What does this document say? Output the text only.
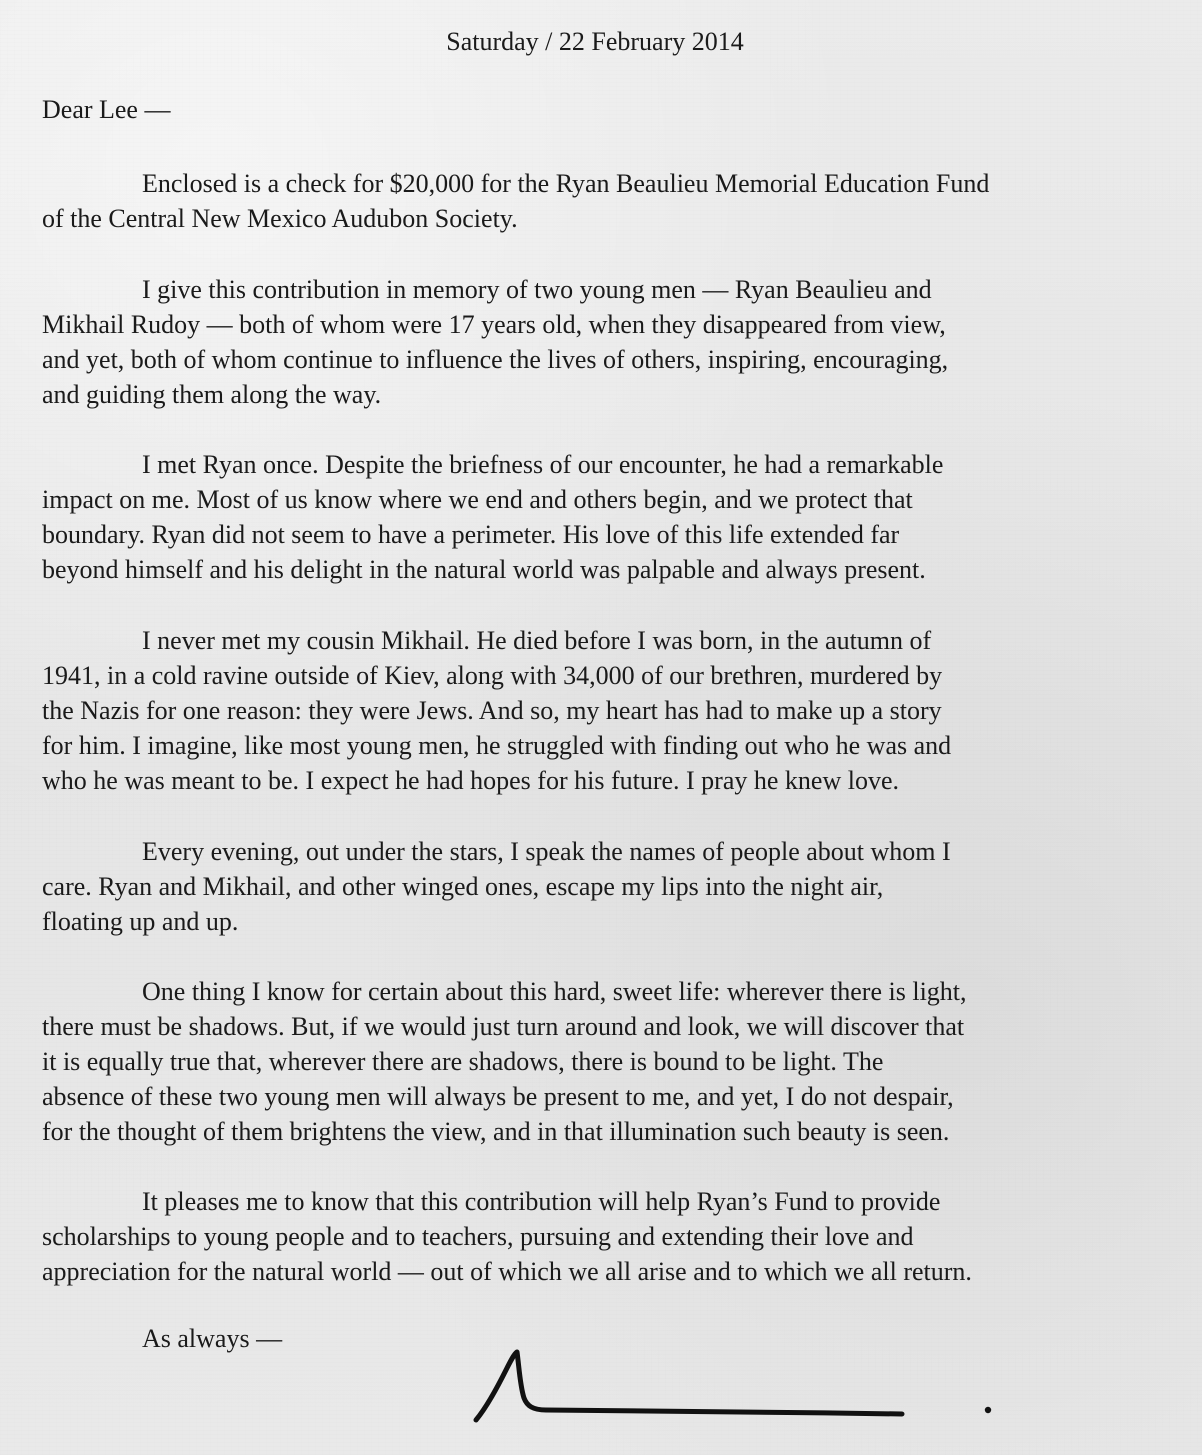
Saturday / 22 February 2014
Dear Lee —

Enclosed is a check for $20,000 for the Ryan Beaulieu Memorial Education Fund
of the Central New Mexico Audubon Society.

I give this contribution in memory of two young men — Ryan Beaulieu and
Mikhail Rudoy — both of whom were 17 years old, when they disappeared from view,
and yet, both of whom continue to influence the lives of others, inspiring, encouraging,
and guiding them along the way.

I met Ryan once. Despite the briefness of our encounter, he had a remarkable
impact on me. Most of us know where we end and others begin, and we protect that
boundary. Ryan did not seem to have a perimeter. His love of this life extended far
beyond himself and his delight in the natural world was palpable and always present.

I never met my cousin Mikhail. He died before I was born, in the autumn of
1941, in a cold ravine outside of Kiev, along with 34,000 of our brethren, murdered by
the Nazis for one reason: they were Jews. And so, my heart has had to make up a story
for him. I imagine, like most young men, he struggled with finding out who he was and
who he was meant to be. I expect he had hopes for his future. I pray he knew love.

Every evening, out under the stars, I speak the names of people about whom I
care. Ryan and Mikhail, and other winged ones, escape my lips into the night air,
floating up and up.

One thing I know for certain about this hard, sweet life: wherever there is light,
there must be shadows. But, if we would just turn around and look, we will discover that
it is equally true that, wherever there are shadows, there is bound to be light. The
absence of these two young men will always be present to me, and yet, I do not despair,
for the thought of them brightens the view, and in that illumination such beauty is seen.

It pleases me to know that this contribution will help Ryan’s Fund to provide
scholarships to young people and to teachers, pursuing and extending their love and
appreciation for the natural world — out of which we all arise and to which we all return.

As always —
